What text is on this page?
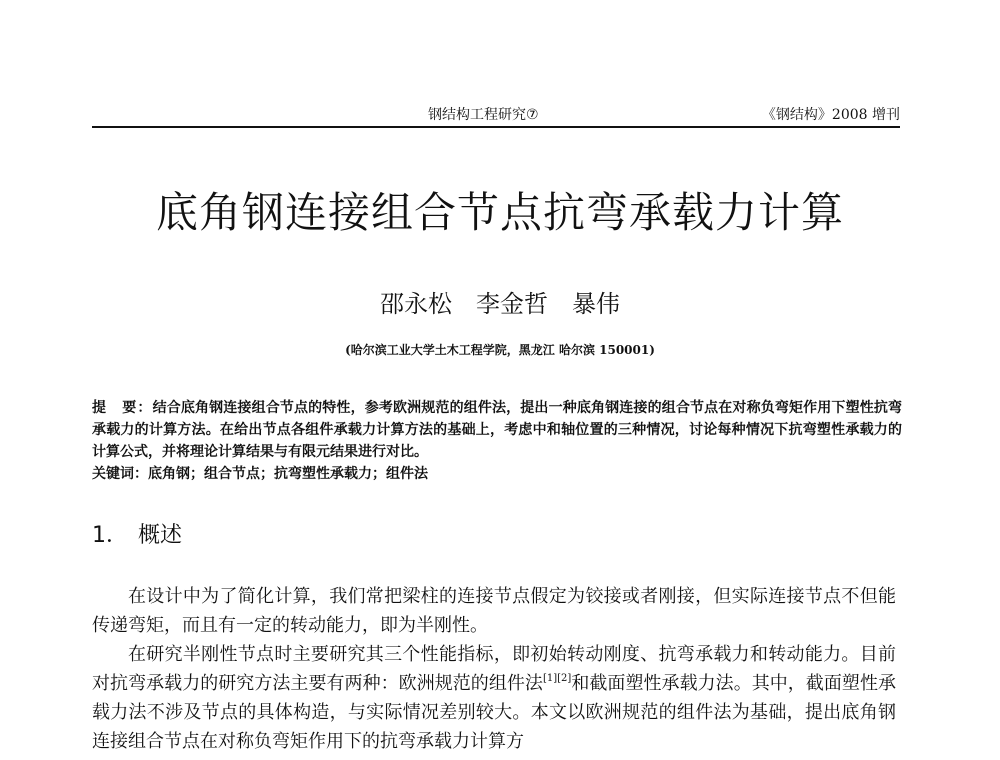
钢结构工程研究⑦	《钢结构》2008 增刊
底角钢连接组合节点抗弯承载力计算
邵永松　李金哲　暴伟
(哈尔滨工业大学土木工程学院，黑龙江 哈尔滨 150001)
提　要：结合底角钢连接组合节点的特性，参考欧洲规范的组件法，提出一种底角钢连接的组合节点在对称负弯矩作用下塑性抗弯承载力的计算方法。在给出节点各组件承载力计算方法的基础上，考虑中和轴位置的三种情况，讨论每种情况下抗弯塑性承载力的计算公式，并将理论计算结果与有限元结果进行对比。
关键词：底角钢；组合节点；抗弯塑性承载力；组件法
1． 概述

在设计中为了简化计算，我们常把梁柱的连接节点假定为铰接或者刚接，但实际连接节点不但能传递弯矩，而且有一定的转动能力，即为半刚性。

在研究半刚性节点时主要研究其三个性能指标，即初始转动刚度、抗弯承载力和转动能力。目前对抗弯承载力的研究方法主要有两种：欧洲规范的组件法[1][2]和截面塑性承载力法。其中，截面塑性承载力法不涉及节点的具体构造，与实际情况差别较大。本文以欧洲规范的组件法为基础，提出底角钢连接组合节点在对称负弯矩作用下的抗弯承载力计算方
